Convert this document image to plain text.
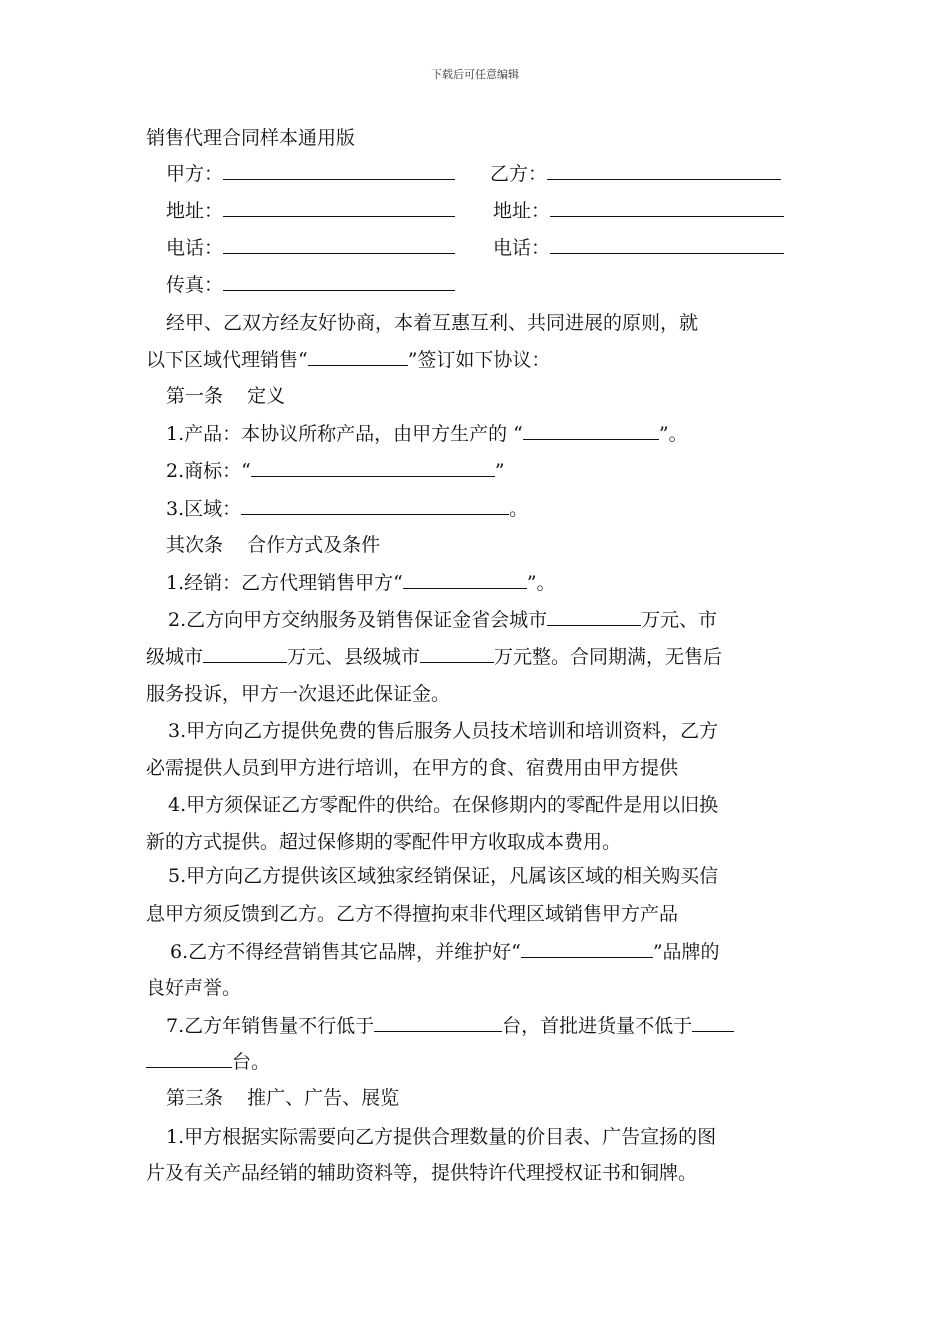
下载后可任意编辑
销售代理合同样本通用版
甲方：	乙方：
地址：	地址：
电话：	电话：
传真：
经甲、乙双方经友好协商，本着互惠互利、共同进展的原则，就
以下区域代理销售“	”签订如下协议：
第一条    定义
1.产品：本协议所称产品，由甲方生产的 “	”。
2.商标：“	”
3.区域：	。
其次条    合作方式及条件
1.经销：乙方代理销售甲方“	”。
2.乙方向甲方交纳服务及销售保证金省会城市	万元、市
级城市	万元、县级城市	万元整。合同期满，无售后
服务投诉，甲方一次退还此保证金。
3.甲方向乙方提供免费的售后服务人员技术培训和培训资料，乙方
必需提供人员到甲方进行培训，在甲方的食、宿费用由甲方提供
4.甲方须保证乙方零配件的供给。在保修期内的零配件是用以旧换
新的方式提供。超过保修期的零配件甲方收取成本费用。
5.甲方向乙方提供该区域独家经销保证，凡属该区域的相关购买信
息甲方须反馈到乙方。乙方不得擅拘束非代理区域销售甲方产品
6.乙方不得经营销售其它品牌，并维护好“	”品牌的
良好声誉。
7.乙方年销售量不行低于	台，首批进货量不低于
台。
第三条    推广、广告、展览
1.甲方根据实际需要向乙方提供合理数量的价目表、广告宣扬的图
片及有关产品经销的辅助资料等，提供特许代理授权证书和铜牌。
